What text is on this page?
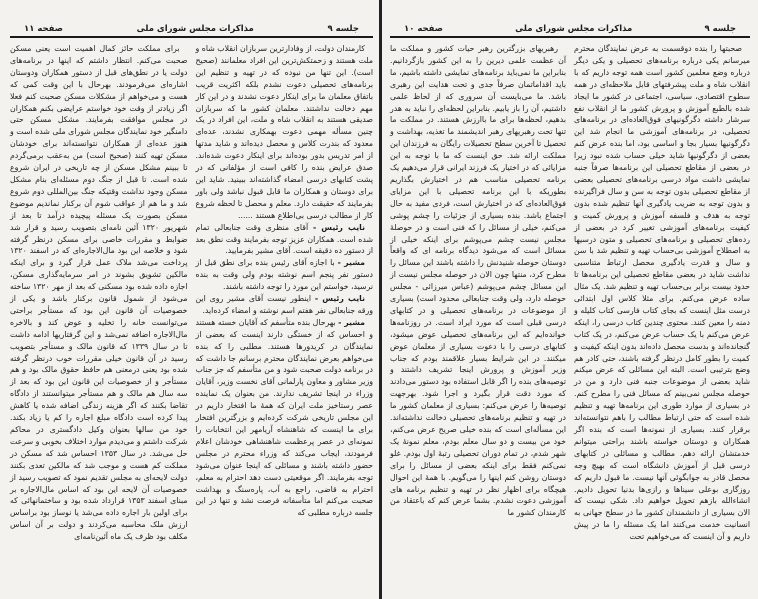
جلسه ۹
مذاکرات مجلس شورای ملی
صفحه ۱۱

کارمندان دولت، از وفادارترین سربازان انقلاب شاه و ملت هستند و زحمتکش‌ترین این افراد معلمانند (صحیح است). این تنها من نبوده که در تهیه و تنظیم این برنامه‌های تحصیلی دعوت نشدم بلکه اکثریت قریب باتفاق معلمان ما برای اینکار دعوت نشدند و در این کار مهم دخالت نداشتند. معلمان کشور ما که سربازان صدیقی هستند به انقلاب شاه و ملت، این افراد در یک چنین مسأله مهمی دعوت بهمکاری نشدند، عده‌ای معدود که بندرت کلاس و محصل دیده‌اند و شاید مدتها از امر تدریس بدور بوده‌اند برای اینکار دعوت شده‌اند. صدق عرایض بنده را کافی است از مؤلفانی که در پشت کتابهای درسی امضاء گذاشته‌اند ببینید. شاید این برای دوستان و همکاران ما قابل قبول نباشد ولی باور بفرمایند که حقیقت دارد. معلم و محصل تا لحظه شروع کار از مطالب درسی بی‌اطلاع هستند ......

نایب رئیس - آقای منظری وقت جنابعالی تمام شده است. همکاران عزیز توجه بفرمایند وقت نطق بعد از دستور ده دقیقه است. آقای مشیر بفرمایید.

مشیر - با اجازه آقای رئیس بنده برای نطق قبل از دستور نفر پنجم اسم نوشته بودم ولی وقت به بنده نرسید، خواستم این مورد را توجه داشته باشند.

نایب رئیس - اینطور نیست آقای مشیر روی این ورقه جنابعالی نفر هفتم اسم نوشته و امضاء کرده‌اید.

مشیر - بهرحال بنده متأسفم که آقایان خسته هستند و احساس که از خستگی دارند اینست که بعضی از نمایندگان در کریدورها هستند. مطلبی را که بنده می‌خواهم بعرض نمایندگان محترم برسانم جا داشت که در برنامه دولت صحبت شود و من متأسفم که جز جناب وزیر مشاور و معاون پارلمانی آقای نخست وزیر، آقایان وزراء در اینجا تشریف ندارند. من بعنوان یک نماینده عصر رستاخیز ملت ایران که همهٔ ما افتخار داریم در این مجلس تاریخی شرکت کرده‌ایم و بزرگترین افتخار برای ما اینست که شاهنشاه آریامهر این انتخابات را نمونه‌ای در عصر پرعظمت شاهنشاهی خودشان اعلام فرمودند، ایجاب می‌کند که وزراء محترم در مجلس حضور داشته باشند و مسائلی که اینجا عنوان می‌شود توجه بفرمایند. اگر موقعیتی دست دهد احترام به معلم، احترام به قاضی، راجع به آب، پاره‌سنگ و بهداشت صحبت می‌کنم اما متأسفانه فرصت نشد و تنها در این جلسه درباره مطلبی که

برای مملکت حائز کمال اهمیت است یعنی مسکن صحبت می‌کنم. انتظار داشتم که اینها در برنامه‌های دولت یا در نطق‌های قبل از دستور همکاران ودوستان اشاره‌ای می‌فرمودند. بهرحال با این وقت کمی که هست و می‌خواهم از مشکلات مسکن صحبت کنم فعلا اگر زیادتر از وقت خود خواستم عرایضی بکنم همکاران در مجلس موافقت بفرمایند. مشکل مسکن حتی دامنگیر خود نمایندگان مجلس شورای ملی شده است و هنوز عده‌ای از همکاران نتوانسته‌اند برای خودشان مسکن تهیه کنند (صحیح است) من به‌عقب برمی‌گردم تا ببینم مشکل مسکن از چه تاریخی در ایران شروع شده است. تا قبل از جنگ دوم مسئله‌ای بنام مشکل مسکن وجود نداشت وقتیکه جنگ بین‌المللی دوم شروع شد و ما هم از عواقب شوم آن برکنار نماندیم موضوع مسکن بصورت یک مسئله پیچیده درآمد تا بعد از شهریور ۱۳۲۰ آئین نامه‌ای بتصویب رسید و قرار شد ضوابط و مقررات خاصی برای مسکن درنظر گرفته شود و خلاصه این بود مال‌الاجاره‌ای که در اسفند ۱۳۲۰ پرداخت می‌شد ملاک عمل قرار گیرد و برای اینکه مالکین تشویق بشوند در امر سرمایه‌گذاری مسکن، اجازه داده شده بود مسکنی که بعد از مهر ۱۳۲۰ ساخته می‌شود از شمول قانون برکنار باشد و یکی از خصوصیات آن قانون این بود که مستأجر براحتی می‌توانست خانه را تخلیه و عوض کند و بالاخره مال‌الاجاره اضافه نمی‌شد و این گرفتاریها ادامه داشت تا در سال ۱۳۳۹ که قانون مالک و مستأجر بتصویب رسید در آن قانون خیلی مقررات خوب درنظر گرفته شده بود یعنی درمعنی هم حافظ حقوق مالک بود و هم مستأجر و از خصوصیات این قانون این بود که بعد از سه سال هم مالک و هم مستأجر میتوانستند از دادگاه تقاضا بکنند که اگر هزینه زندگی اضافه شده یا کاهش پیدا کرده است دادگاه مبلغ اجاره را کم یا زیاد بکند. خود من سالها بعنوان وکیل دادگستری در محاکم شرکت داشتم و می‌دیدم موارد اختلاف بخوبی و سرعت حل می‌شد. در سال ۱۳۵۳ احساس شد که مسکن در مملکت کم هست و موجب شد که مالکین تعدی بکنند دولت لایحه‌ای به مجلس تقدیم نمود که تصویب رسید از خصوصیات آن لایحه این بود که اساس مال‌الاجاره بر مبنای اسفند ۱۳۵۳ قرارداد شده بود و ساختمانهائی که برای اولین بار اجاره داده می‌شد یا نوساز بود براساس ارزش ملک محاسبه می‌کردند و دولت بر آن اساس مکلف بود ظرف یک ماه آئین‌نامه‌ای

جلسه ۹
مذاکرات مجلس شورای ملی
صفحه ۱۰

صحبتها را بنده دوقسمت به عرض نمایندگان محترم میرسانم یکی درباره برنامه‌های تحصیلی و یکی دیگر درباره وضع معلمین کشور است همه توجه داریم که با انقلاب شاه و ملت پیشرفتهای قابل ملاحظه‌ای در همه سطوح اقتصادی، سیاسی، اجتماعی در کشور ما ایجاد شده بالطبع آموزش و پرورش کشور ما از انقلاب نفع سرشار داشته دگرگونیهای فوق‌العاده‌ای در برنامه‌های تحصیلی، در برنامه‌های آموزشی ما انجام شد این دگرگونیها بسیار بجا و اساسی بود، اما بنده عرض کنم بعضی از دگرگونیها شاید خیلی حساب شده نبود زیرا در بعضی از مقاطع تحصیلی این برنامه‌ها صرفاً جنبه نمایشی داشت مواد درسی برنامه‌های تحصیلی بعضی از مقاطع تحصیلی بدون توجه به سن و سال فراگیرنده و بدون توجه به ضریب یادگیری آنها تنظیم شده بدون توجه به هدف و فلسفه آموزش و پرورش کمیت و کیفیت برنامه‌های آموزشی تغییر کرد در بعضی از رده‌های تحصیلی و برنامه‌های تحصیلی و متون درسیها به اصطلاح آموزشی بی‌حساب تهیه و تنظیم شد با سن و سال و قدرت یادگیری محصل ارتباط متناسبی نداشت شاید در بعضی مقاطع تحصیلی این برنامه‌ها تا حدود بیست برابر بی‌حساب تهیه و تنظیم شد. یک مثال ساده عرض می‌کنم. برای مثلا کلاس اول ابتدائی درست مثل اینست که بجای کتاب فارسی کتاب کلیله و دمنه را معین کنند. محتوی چندین کتاب درسی را، اینکه عرض می‌کنم با یک حساب عرض می‌کنم، در یک کتاب گنجانده‌اند و بدست محصل داده‌اند بدون اینکه کیفیت و کمیت را بطور کامل درنظر گرفته باشند، حتی کادر هم وضع بترتیبی است. البته این مسائلی که عرض میکنم شاید بعضی از موضوعات جنبه فنی دارد و من در حوصله مجلس نمی‌بینم که مسائل فنی را مطرح کنم. در بسیاری از موارد طوری این برنامه‌ها تهیه و تنظیم شده است که حتی ارتباط مطالب را باهم نتوانسته‌اند برقرار کنند. بسیاری از نمونه‌ها است که بنده اگر همکاران و دوستان خواسته باشند براحتی میتوانم خدمتشان ارائه دهم. مطالب و مسائلی در کتابهای درسی قبل از آموزش دانشگاه است که بهیچ وجه محصل قادر به جوابگوئی آنها نیست. ما قبول داریم که روزگاری بوعلی سیناها و رازی‌ها بدنیا تحویل دادیم. انشاءالله بازهم تحویل خواهیم داد. شکی نیست که الان بسیاری از دانشمندان کشور ما در سطح جهانی به انسانیت خدمت می‌کنند اما یک مسئله را ما در پیش داریم و آن اینست که می‌خواهیم تحت

رهبریهای بزرگترین رهبر حیات کشور و مملکت ما آن عظمت علمی دیرین را به این کشور بازگردانیم. بنابراین ما نمی‌باید برنامه‌های نمایشی داشته باشیم، ما باید اقداماتمان صرفاً جدی و تحت هدایت این رهبری باشد. ما می‌بایست آن سروری که از لحاظ علمی داشتیم، آن را باز یابیم. بنابراین لحظه‌ای را نباید به هدر بدهیم، لحظه‌ها برای ما باارزش هستند. در مملکت ما تنها تحت رهبریهای رهبر اندیشمند ما تغذیه، بهداشت و تحصیل تا آخرین سطح تحصیلات رایگان به فرزندان این مملکت ارائه شد. حق اینست که ما با توجه به این مزایائی که در اختیار یک فرزند ایرانی قرار می‌دهیم یک برنامه تحصیلی مناسب هم در اختیارش بگذاریم بطوریکه با این برنامه تحصیلی با این مزایای فوق‌العاده‌ای که در اختیارش است، فردی مفید به حال اجتماع باشد. بنده بسیاری از جزئیات را چشم پوشی می‌کنم، خیلی از مسائل را که فنی است و در حوصلهٔ مجلس نیست چشم می‌پوشم برای اینکه خیلی از مسائل است که می‌شود دیدگاه برنامه ای که واقعاً دوستان حوصله شنیدنش را داشته باشند این مسائل را مطرح کرد، منتها چون الان در حوصله مجلس نیست از این مسائل چشم می‌پوشم (عباس میرزائی - مجلس حوصله دارد، ولی وقت جنابعالی محدود است) بسیاری از موضوعات در برنامه‌های تحصیلی و در کتابهای درسی قبلی است که مورد ایراد است. در روزنامه‌ها خوانده‌ایم که این برنامه‌های تحصیلی عوض میشود، کتابهای درسی را با دعوت بسیاری از معلمان عوض میکنند. در این شرایط بسیار علاقمند بودم که جناب وزیر آموزش و پرورش اینجا تشریف داشتند و توصیه‌های بنده را اگر قابل استفاده بود دستور می‌دادند که مورد دقت قرار بگیرد و اجرا شود. بهرجهت توصیه‌ها را عرض می‌کنم: بسیاری از معلمان کشور ما در تهیه و تنظیم برنامه‌های تحصیلی دخالت نداشته‌اند. این مسأله‌ای است که بنده خیلی صریح عرض می‌کنم، خود من بیست و دو سال معلم بودم، معلم نمونهٔ یک شهر شدم، در تمام دوران تحصیلی رتبهٔ اول بودم. غلو نمی‌کنم فقط برای اینکه بعضی از مسائل را برای دوستان روشن کنم اینها را می‌گویم. با همهٔ این احوال هیچگاه برای اظهار نظر در تهیه و تنظیم برنامه های آموزشی دعوت نشدم. بشما عرض کنم که باعتقاد من کارمندان کشور ما
